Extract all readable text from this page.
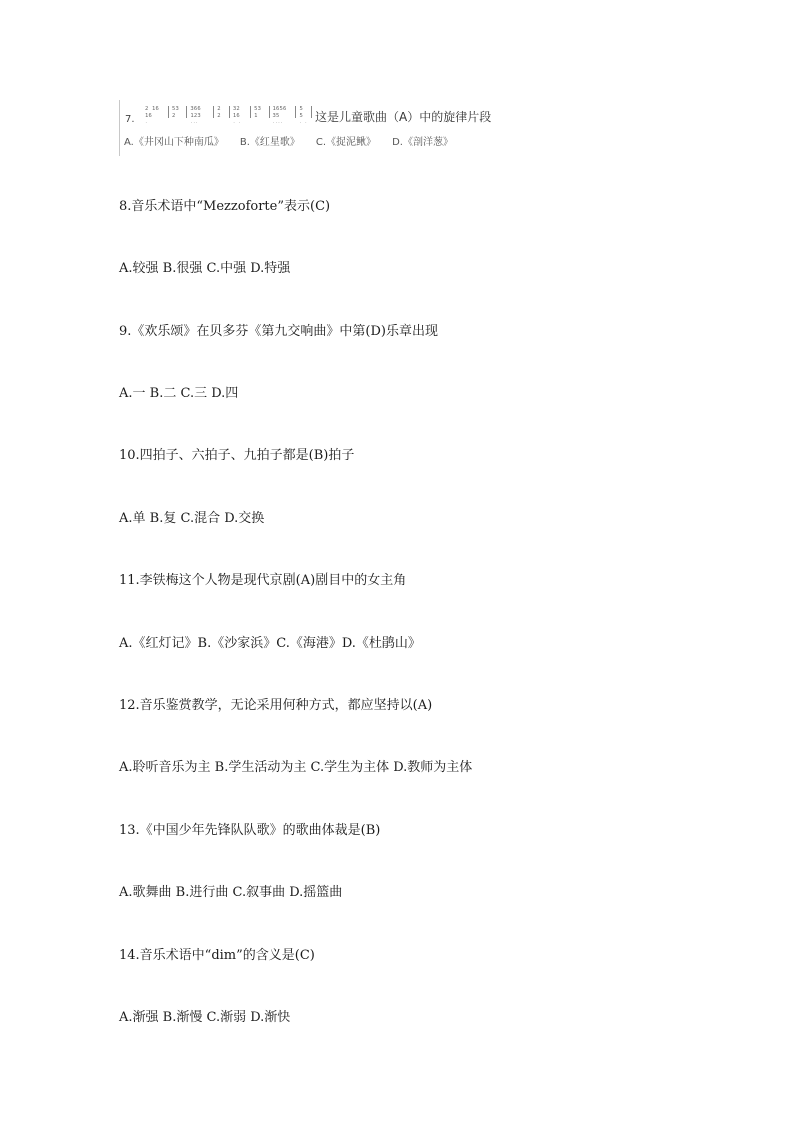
7.
2 16 16
.
53 2
366 123
...
2 2
32 16
. .
53 1
1656 35
....
5 5
. . 这是儿童歌曲（A）中的旋律片段
A.《井冈山下种南瓜》 B.《红星歌》 C.《捉泥鳅》 D.《剖洋葱》
8.音乐术语中“Mezzoforte”表示(C)
A.较强 B.很强 C.中强 D.特强
9.《欢乐颂》在贝多芬《第九交响曲》中第(D)乐章出现
A.一 B.二 C.三 D.四
10.四拍子、六拍子、九拍子都是(B)拍子
A.单 B.复 C.混合 D.交换
11.李铁梅这个人物是现代京剧(A)剧目中的女主角
A.《红灯记》B.《沙家浜》C.《海港》D.《杜鹃山》
12.音乐鉴赏教学，无论采用何种方式，都应坚持以(A)
A.聆听音乐为主 B.学生活动为主 C.学生为主体 D.教师为主体
13.《中国少年先锋队队歌》的歌曲体裁是(B)
A.歌舞曲 B.进行曲 C.叙事曲 D.摇篮曲
14.音乐术语中“dim”的含义是(C)
A.渐强 B.渐慢 C.渐弱 D.渐快
